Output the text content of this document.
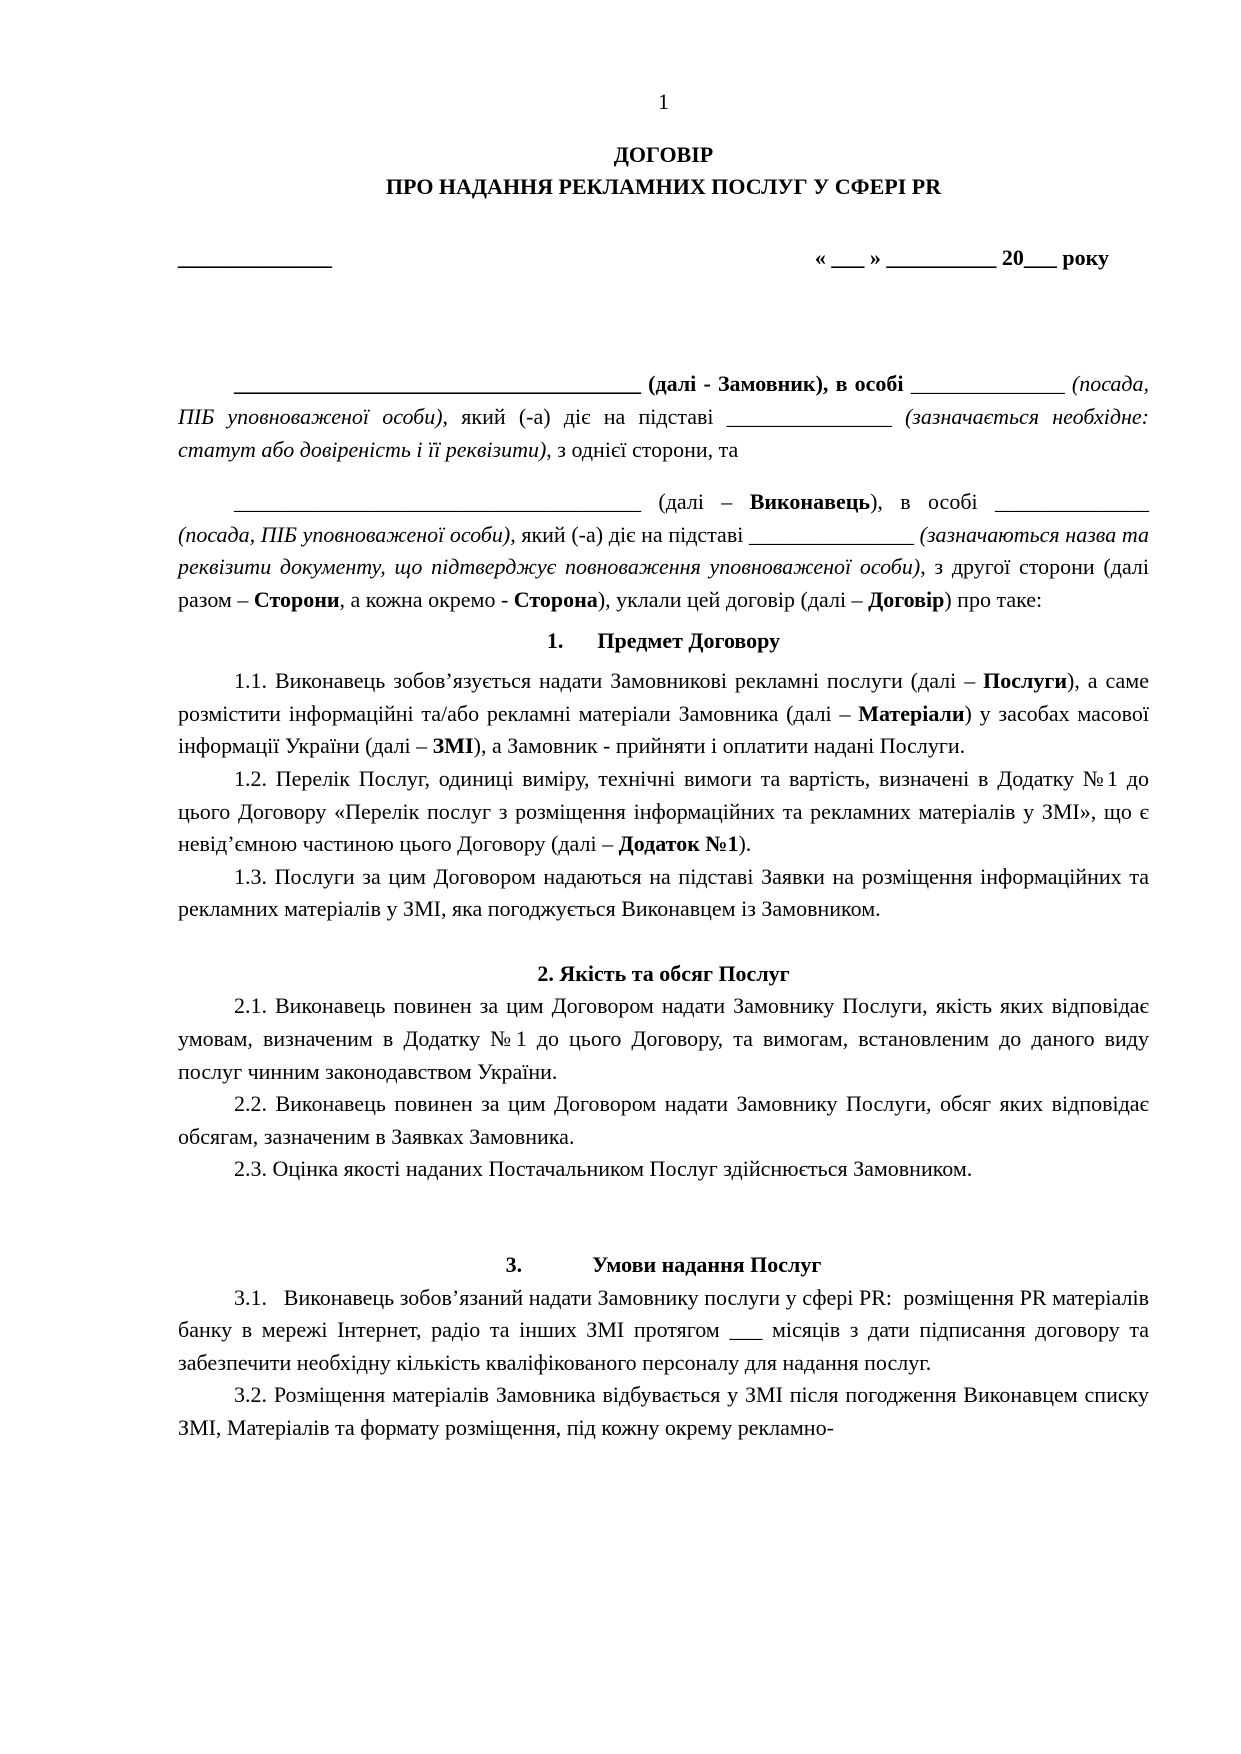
1
ДОГОВІР
ПРО НАДАННЯ РЕКЛАМНИХ ПОСЛУГ У СФЕРІ PR
______________	« ___ » __________ 20___ року

_____________________________________ (далі - Замовник), в особі ______________ (посада, ПІБ уповноваженої особи), який (-а) діє на підставі _______________ (зазначається необхідне: статут або довіреність і її реквізити), з однієї сторони, та

_____________________________________ (далі – Виконавець), в особі ______________ (посада, ПІБ уповноваженої особи), який (-а) діє на підставі _______________ (зазначаються назва та реквізити документу, що підтверджує повноваження уповноваженої особи), з другої сторони (далі разом – Сторони, а кожна окремо - Сторона), уклали цей договір (далі – Договір) про таке:

1. Предмет Договору

1.1. Виконавець зобов’язується надати Замовникові рекламні послуги (далі – Послуги), а саме розмістити інформаційні та/або рекламні матеріали Замовника (далі – Матеріали) у засобах масової інформації України (далі – ЗМІ), а Замовник - прийняти і оплатити надані Послуги.

1.2. Перелік Послуг, одиниці виміру, технічні вимоги та вартість, визначені в Додатку №1 до цього Договору «Перелік послуг з розміщення інформаційних та рекламних матеріалів у ЗМІ», що є невід’ємною частиною цього Договору (далі – Додаток №1).

1.3. Послуги за цим Договором надаються на підставі Заявки на розміщення інформаційних та рекламних матеріалів у ЗМІ, яка погоджується Виконавцем із Замовником.

2. Якість та обсяг Послуг

2.1. Виконавець повинен за цим Договором надати Замовнику Послуги, якість яких відповідає умовам, визначеним в Додатку №1 до цього Договору, та вимогам, встановленим до даного виду послуг чинним законодавством України.

2.2. Виконавець повинен за цим Договором надати Замовнику Послуги, обсяг яких відповідає обсягам, зазначеним в Заявках Замовника.

2.3. Оцінка якості наданих Постачальником Послуг здійснюється Замовником.

3.	Умови надання Послуг

3.1.   Виконавець зобов’язаний надати Замовнику послуги у сфері PR:  розміщення PR матеріалів банку в мережі Інтернет, радіо та інших ЗМІ протягом ___ місяців з дати підписання договору та забезпечити необхідну кількість кваліфікованого персоналу для надання послуг.

3.2. Розміщення матеріалів Замовника відбувається у ЗМІ після погодження Виконавцем списку ЗМІ, Матеріалів та формату розміщення, під кожну окрему рекламно-
